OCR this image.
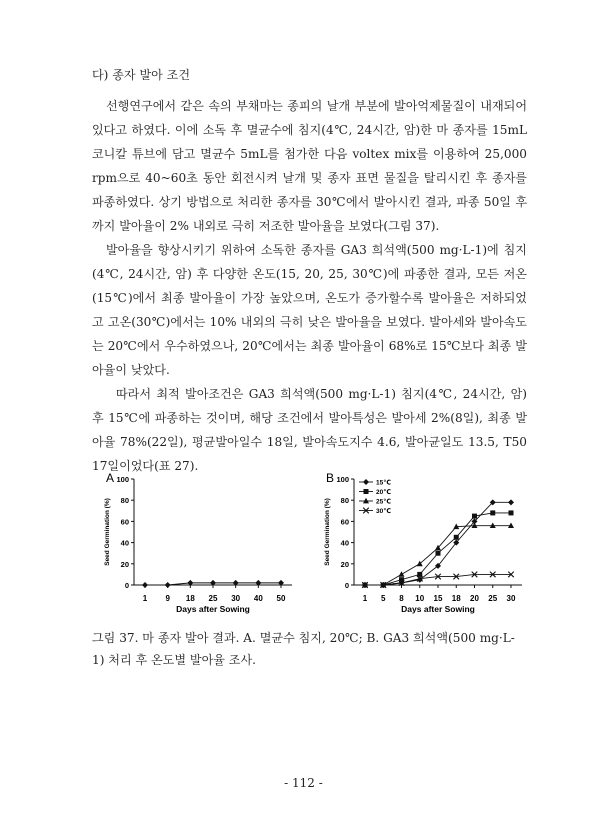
다) 종자 발아 조건

선행연구에서 같은 속의 부채마는 종피의 날개 부분에 발아억제물질이 내재되어 있다고 하였다. 이에 소독 후 멸균수에 침지(4℃, 24시간, 암)한 마 종자를 15mL 코니칼 튜브에 담고 멸균수 5mL를 첨가한 다음 voltex mix를 이용하여 25,000 rpm으로 40~60초 동안 회전시켜 날개 및 종자 표면 물질을 탈리시킨 후 종자를 파종하였다. 상기 방법으로 처리한 종자를 30℃에서 발아시킨 결과, 파종 50일 후까지 발아율이 2% 내외로 극히 저조한 발아율을 보였다(그림 37).

발아율을 향상시키기 위하여 소독한 종자를 GA3 희석액(500 mg·L-1)에 침지(4℃, 24시간, 암) 후 다양한 온도(15, 20, 25, 30℃)에 파종한 결과, 모든 저온(15℃)에서 최종 발아율이 가장 높았으며, 온도가 증가할수록 발아율은 저하되었고 고온(30℃)에서는 10% 내외의 극히 낮은 발아율을 보였다. 발아세와 발아속도는 20℃에서 우수하였으나, 20℃에서는 최종 발아율이 68%로 15℃보다 최종 발아율이 낮았다.

따라서 최적 발아조건은 GA3 희석액(500 mg·L-1) 침지(4℃, 24시간, 암) 후 15℃에 파종하는 것이며, 해당 조건에서 발아특성은 발아세 2%(8일), 최종 발아율 78%(22일), 평균발아일수 18일, 발아속도지수 4.6, 발아균일도 13.5, T50 17일이었다(표 27).

A
0
20
40
60
80
100
1 9 18 25 30 40 50
Days after Sowing
Seed Germination (%)
B
0
20
40
60
80
100
1 5 8 10 15 18 20 25 30
Days after Sowing
Seed Germination (%)
15℃
20℃
25℃
30℃
그림 37. 마 종자 발아 결과. A. 멸균수 침지, 20℃; B. GA3 희석액(500 mg·L-1) 처리 후 온도별 발아율 조사.
- 112 -
